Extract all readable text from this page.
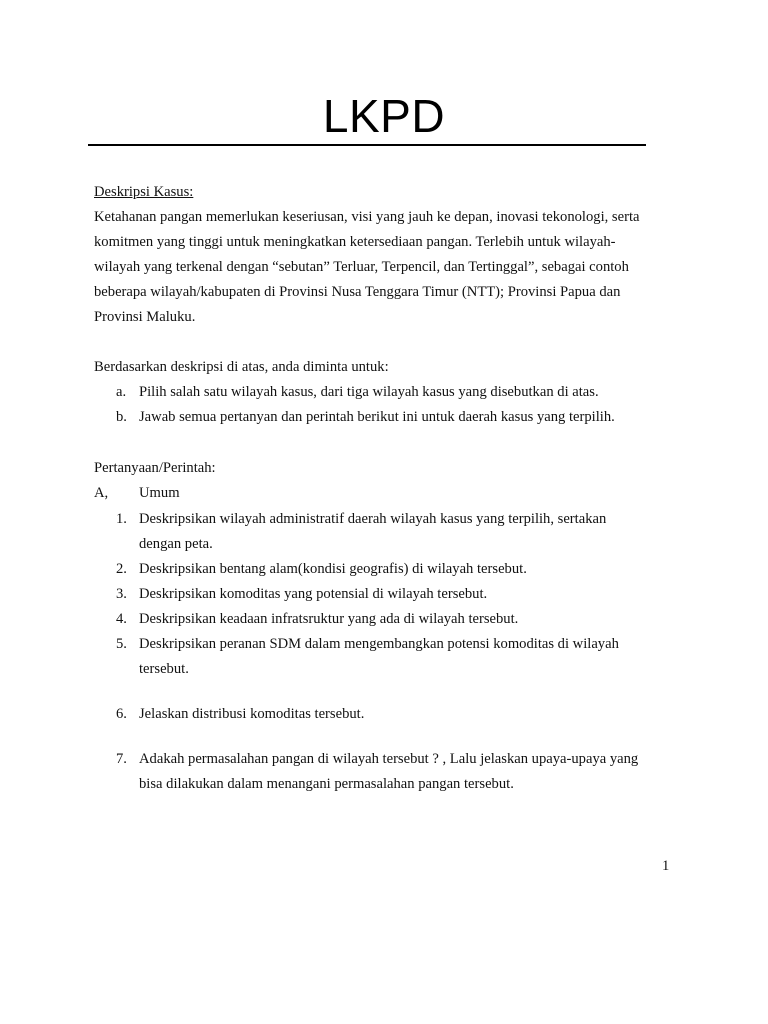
LKPD
Deskripsi Kasus:
Ketahanan pangan memerlukan keseriusan, visi yang jauh ke depan, inovasi tekonologi, serta
komitmen yang tinggi untuk meningkatkan ketersediaan pangan. Terlebih untuk wilayah-
wilayah yang terkenal dengan “sebutan” Terluar, Terpencil, dan Tertinggal”, sebagai contoh
beberapa wilayah/kabupaten di Provinsi Nusa Tenggara Timur (NTT); Provinsi Papua dan
Provinsi Maluku.
Berdasarkan deskripsi di atas, anda diminta untuk:
a. Pilih salah satu wilayah kasus, dari tiga wilayah kasus yang disebutkan di atas.
b. Jawab semua pertanyan dan perintah berikut ini untuk daerah kasus yang terpilih.
Pertanyaan/Perintah:
A, Umum
1. Deskripsikan wilayah administratif daerah wilayah kasus yang terpilih, sertakan
dengan peta.
2. Deskripsikan bentang alam(kondisi geografis) di wilayah tersebut.
3. Deskripsikan komoditas yang potensial di wilayah tersebut.
4. Deskripsikan keadaan infratsruktur yang ada di wilayah tersebut.
5. Deskripsikan peranan SDM dalam mengembangkan potensi komoditas di wilayah
tersebut.
6. Jelaskan distribusi komoditas tersebut.
7. Adakah permasalahan pangan di wilayah tersebut ? , Lalu jelaskan upaya-upaya yang
bisa dilakukan dalam menangani permasalahan pangan tersebut.
1
